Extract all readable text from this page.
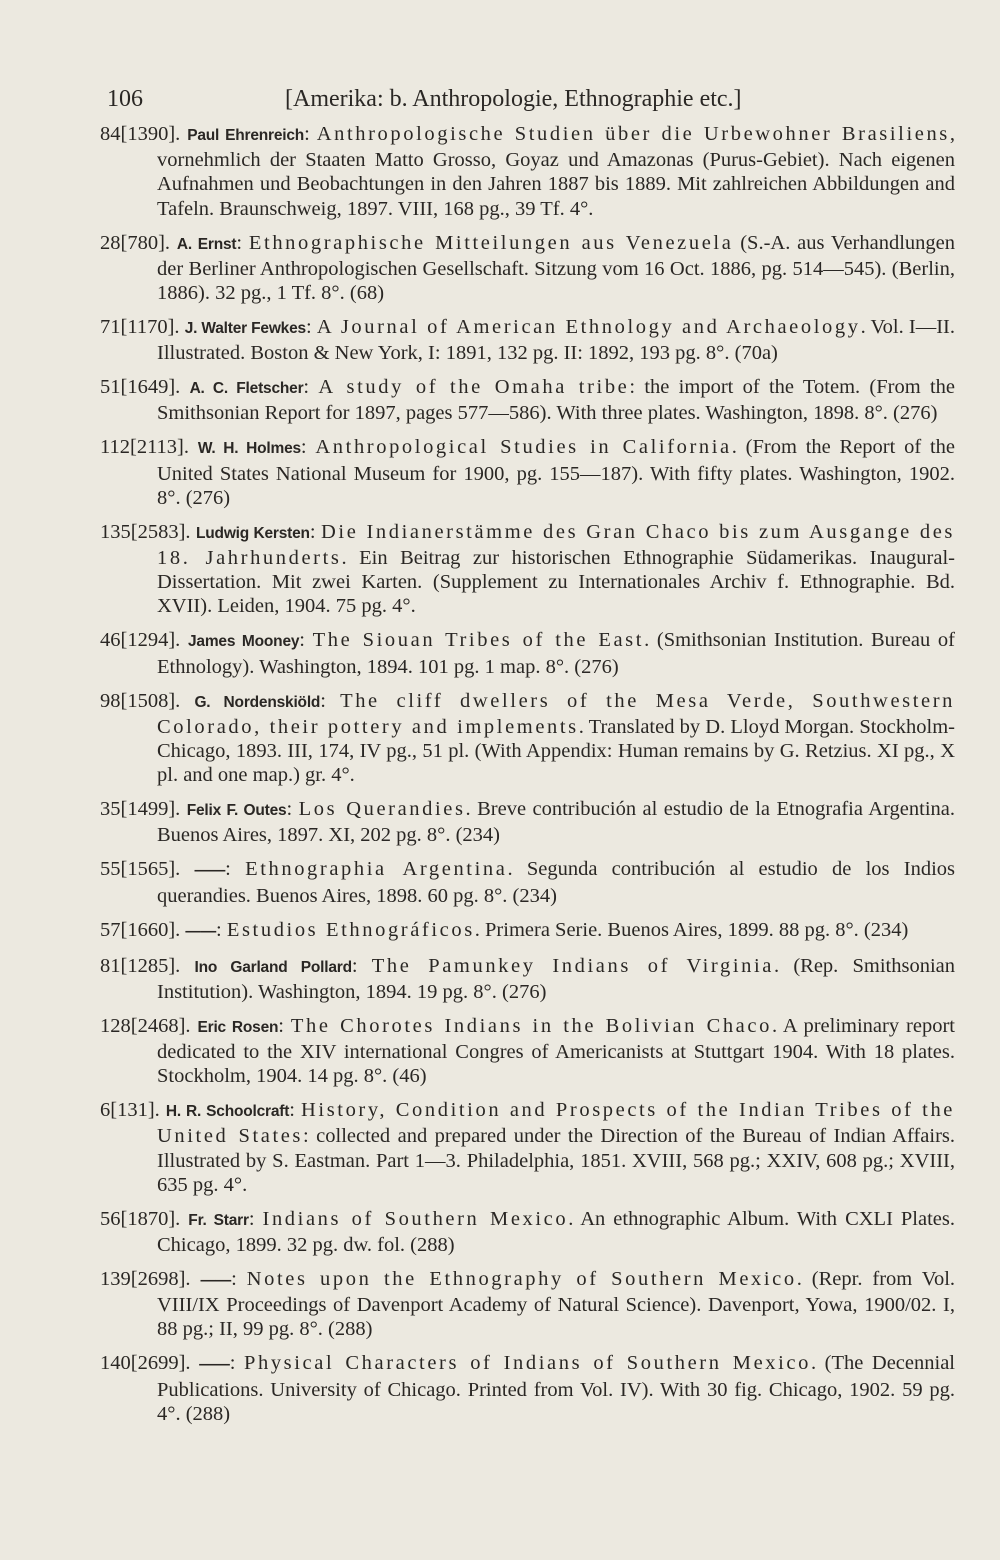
106	[Amerika: b. Anthropologie, Ethnographie etc.]

84[1390]. Paul Ehrenreich: Anthropologische Studien über die Urbewohner Brasiliens, vornehmlich der Staaten Matto Grosso, Goyaz und Amazonas (Purus-Gebiet). Nach eigenen Aufnahmen und Beobachtungen in den Jahren 1887 bis 1889. Mit zahlreichen Abbildungen and Tafeln. Braunschweig, 1897. VIII, 168 pg., 39 Tf. 4°.

28[780]. A. Ernst: Ethnographische Mitteilungen aus Venezuela (S.-A. aus Verhandlungen der Berliner Anthropologischen Gesellschaft. Sitzung vom 16 Oct. 1886, pg. 514—545). (Berlin, 1886). 32 pg., 1 Tf. 8°. (68)

71[1170]. J. Walter Fewkes: A Journal of American Ethnology and Archaeology. Vol. I—II. Illustrated. Boston & New York, I: 1891, 132 pg. II: 1892, 193 pg. 8°. (70a)

51[1649]. A. C. Fletscher: A study of the Omaha tribe: the import of the Totem. (From the Smithsonian Report for 1897, pages 577—586). With three plates. Washington, 1898. 8°. (276)

112[2113]. W. H. Holmes: Anthropological Studies in California. (From the Report of the United States National Museum for 1900, pg. 155—187). With fifty plates. Washington, 1902. 8°. (276)

135[2583]. Ludwig Kersten: Die Indianerstämme des Gran Chaco bis zum Ausgange des 18. Jahrhunderts. Ein Beitrag zur historischen Ethnographie Südamerikas. Inaugural-Dissertation. Mit zwei Karten. (Supplement zu Internationales Archiv f. Ethnographie. Bd. XVII). Leiden, 1904. 75 pg. 4°.

46[1294]. James Mooney: The Siouan Tribes of the East. (Smithsonian Institution. Bureau of Ethnology). Washington, 1894. 101 pg. 1 map. 8°. (276)

98[1508]. G. Nordenskiöld: The cliff dwellers of the Mesa Verde, Southwestern Colorado, their pottery and implements. Translated by D. Lloyd Morgan. Stockholm-Chicago, 1893. III, 174, IV pg., 51 pl. (With Appendix: Human remains by G. Retzius. XI pg., X pl. and one map.) gr. 4°.

35[1499]. Felix F. Outes: Los Querandies. Breve contribución al estudio de la Etnografia Argentina. Buenos Aires, 1897. XI, 202 pg. 8°. (234)

55[1565]. ——: Ethnographia Argentina. Segunda contribución al estudio de los Indios querandies. Buenos Aires, 1898. 60 pg. 8°. (234)

57[1660]. ——: Estudios Ethnográficos. Primera Serie. Buenos Aires, 1899. 88 pg. 8°. (234)

81[1285]. Ino Garland Pollard: The Pamunkey Indians of Virginia. (Rep. Smithsonian Institution). Washington, 1894. 19 pg. 8°. (276)

128[2468]. Eric Rosen: The Chorotes Indians in the Bolivian Chaco. A preliminary report dedicated to the XIV international Congres of Americanists at Stuttgart 1904. With 18 plates. Stockholm, 1904. 14 pg. 8°. (46)

6[131]. H. R. Schoolcraft: History, Condition and Prospects of the Indian Tribes of the United States: collected and prepared under the Direction of the Bureau of Indian Affairs. Illustrated by S. Eastman. Part 1—3. Philadelphia, 1851. XVIII, 568 pg.; XXIV, 608 pg.; XVIII, 635 pg. 4°.

56[1870]. Fr. Starr: Indians of Southern Mexico. An ethnographic Album. With CXLI Plates. Chicago, 1899. 32 pg. dw. fol. (288)

139[2698]. ——: Notes upon the Ethnography of Southern Mexico. (Repr. from Vol. VIII/IX Proceedings of Davenport Academy of Natural Science). Davenport, Yowa, 1900/02. I, 88 pg.; II, 99 pg. 8°. (288)

140[2699]. ——: Physical Characters of Indians of Southern Mexico. (The Decennial Publications. University of Chicago. Printed from Vol. IV). With 30 fig. Chicago, 1902. 59 pg. 4°. (288)
